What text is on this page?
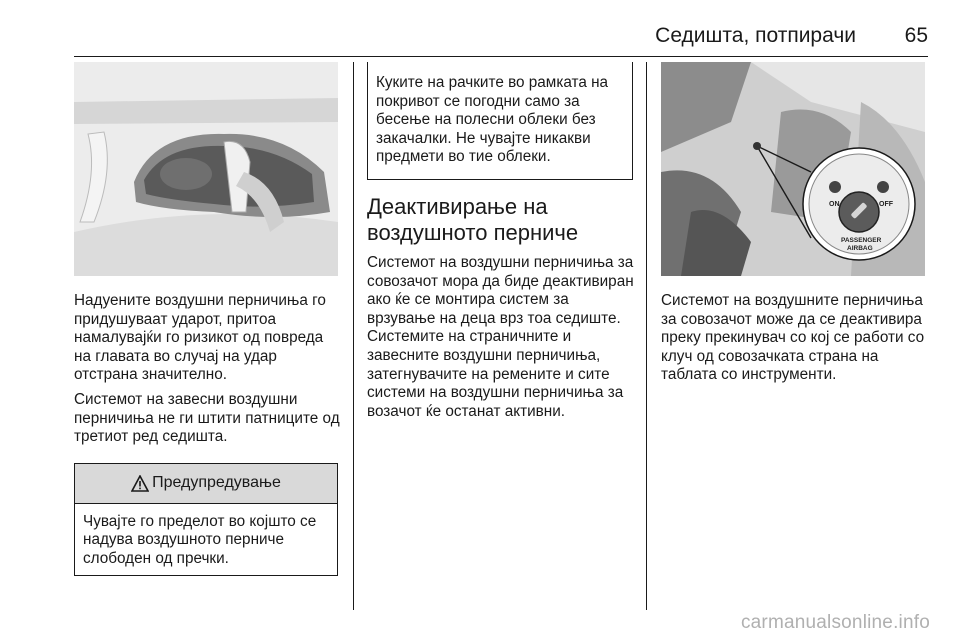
Седишта, потпирачи 65
Надуените воздушни перничиња го придушуваат ударот, притоа намалувајќи го ризикот од повреда на главата во случај на удар отстрана значително.
Системот на завесни воздушни перничиња не ги штити патниците од третиот ред седишта.
Предупредување
Чувајте го пределот во којшто се надува воздушното перниче слободен од пречки.
Куките на рачките во рамката на покривот се погодни само за бесење на полесни облеки без закачалки. Не чувајте никакви предмети во тие облеки.
Деактивирање на воздушното перниче
Системот на воздушни перничиња за совозачот мора да биде деактивиран ако ќе се монтира систем за врзување на деца врз тоа седиште. Системите на страничните и завесните воздушни перничиња, затегнувачите на ремените и сите системи на воздушни перничиња за возачот ќе останат активни.
ON	OFF
PASSENGER
AIRBAG
Системот на воздушните перничиња за совозачот може да се деактивира преку прекинувач со кој се работи со клуч од совозачката страна на таблата со инструменти.
carmanualsonline.info
